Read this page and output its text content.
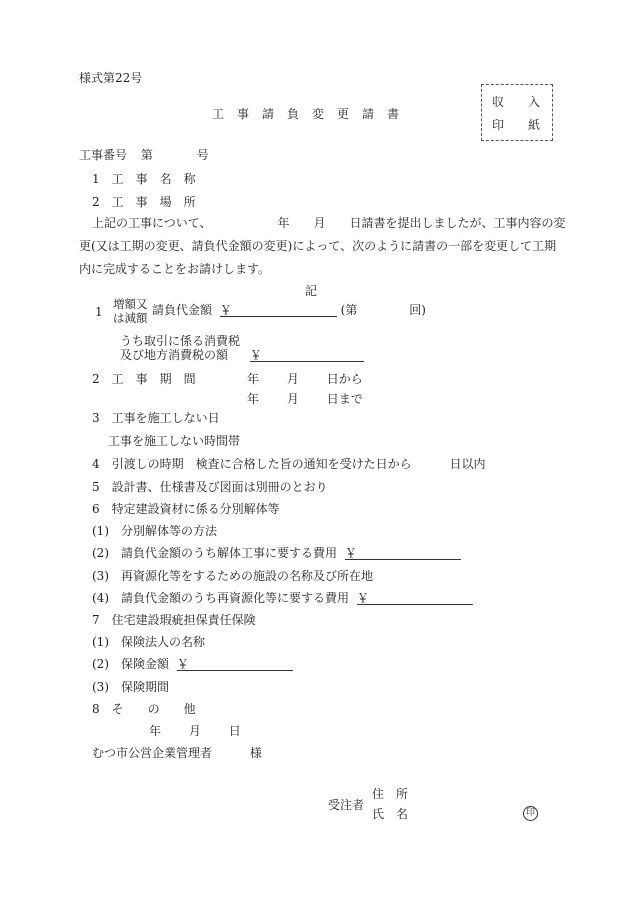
様式第22号
工　事　請　負　変　更　請　書
収　　入
印　　紙
工事番号 第	号
1　工　事　名　称
2　工　事　場　所
上記の工事について、　　　　　　年　　月　　日請書を提出しましたが、工事内容の変
更(又は工期の変更、請負代金額の変更)によって、次のように請書の一部を変更して工期
内に完成することをお請けします。
記
1
増額又
は減額
請負代金額 ￥	(第	回)
うち取引に係る消費税
及び地方消費税の額 ￥
2　工　事　期　間	年 月 日から
年 月 日まで
3　工事を施工しない日
工事を施工しない時間帯
4　引渡しの時期　検査に合格した旨の通知を受けた日から	日以内
5　設計書、仕様書及び図面は別冊のとおり
6　特定建設資材に係る分別解体等
(1)　分別解体等の方法
(2)　請負代金額のうち解体工事に要する費用 ￥
(3)　再資源化等をするための施設の名称及び所在地
(4)　請負代金額のうち再資源化等に要する費用 ￥
7　住宅建設瑕疵担保責任保険
(1)　保険法人の名称
(2)　保険金額 ￥
(3)　保険期間
8　そ　　の　　他
年 月 日
むつ市公営企業管理者	様
受注者
住　所
氏　名	印
